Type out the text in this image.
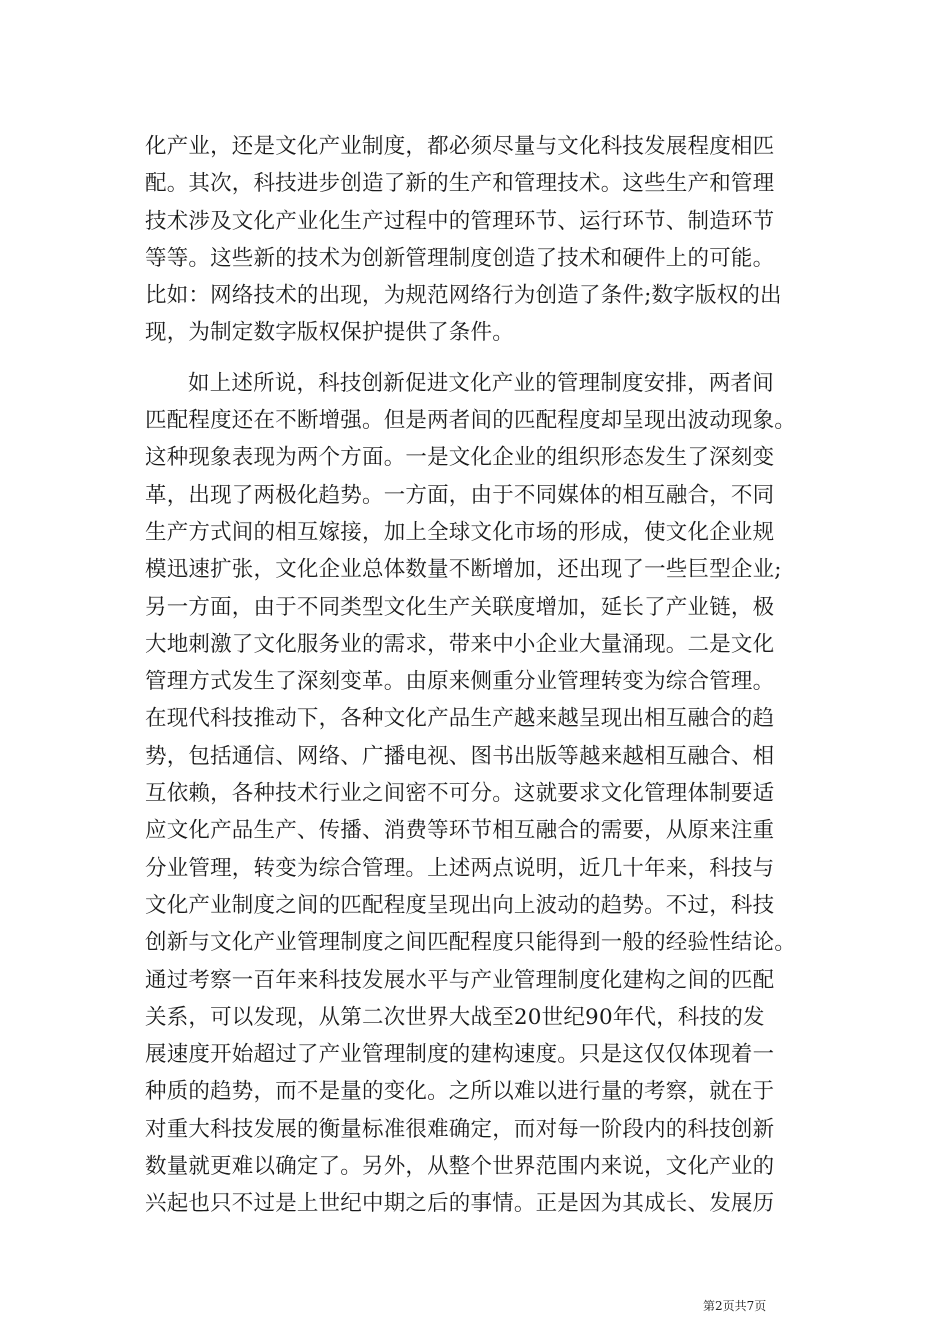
化产业，还是文化产业制度，都必须尽量与文化科技发展程度相匹
配。其次，科技进步创造了新的生产和管理技术。这些生产和管理
技术涉及文化产业化生产过程中的管理环节、运行环节、制造环节
等等。这些新的技术为创新管理制度创造了技术和硬件上的可能。
比如：网络技术的出现，为规范网络行为创造了条件;数字版权的出
现，为制定数字版权保护提供了条件。
如上述所说，科技创新促进文化产业的管理制度安排，两者间
匹配程度还在不断增强。但是两者间的匹配程度却呈现出波动现象。
这种现象表现为两个方面。一是文化企业的组织形态发生了深刻变
革，出现了两极化趋势。一方面，由于不同媒体的相互融合，不同
生产方式间的相互嫁接，加上全球文化市场的形成，使文化企业规
模迅速扩张，文化企业总体数量不断增加，还出现了一些巨型企业;
另一方面，由于不同类型文化生产关联度增加，延长了产业链，极
大地刺激了文化服务业的需求，带来中小企业大量涌现。二是文化
管理方式发生了深刻变革。由原来侧重分业管理转变为综合管理。
在现代科技推动下，各种文化产品生产越来越呈现出相互融合的趋
势，包括通信、网络、广播电视、图书出版等越来越相互融合、相
互依赖，各种技术行业之间密不可分。这就要求文化管理体制要适
应文化产品生产、传播、消费等环节相互融合的需要，从原来注重
分业管理，转变为综合管理。上述两点说明，近几十年来，科技与
文化产业制度之间的匹配程度呈现出向上波动的趋势。不过，科技
创新与文化产业管理制度之间匹配程度只能得到一般的经验性结论。
通过考察一百年来科技发展水平与产业管理制度化建构之间的匹配
关系，可以发现，从第二次世界大战至20世纪90年代，科技的发
展速度开始超过了产业管理制度的建构速度。只是这仅仅体现着一
种质的趋势，而不是量的变化。之所以难以进行量的考察，就在于
对重大科技发展的衡量标准很难确定，而对每一阶段内的科技创新
数量就更难以确定了。另外，从整个世界范围内来说，文化产业的
兴起也只不过是上世纪中期之后的事情。正是因为其成长、发展历
第2页共7页
